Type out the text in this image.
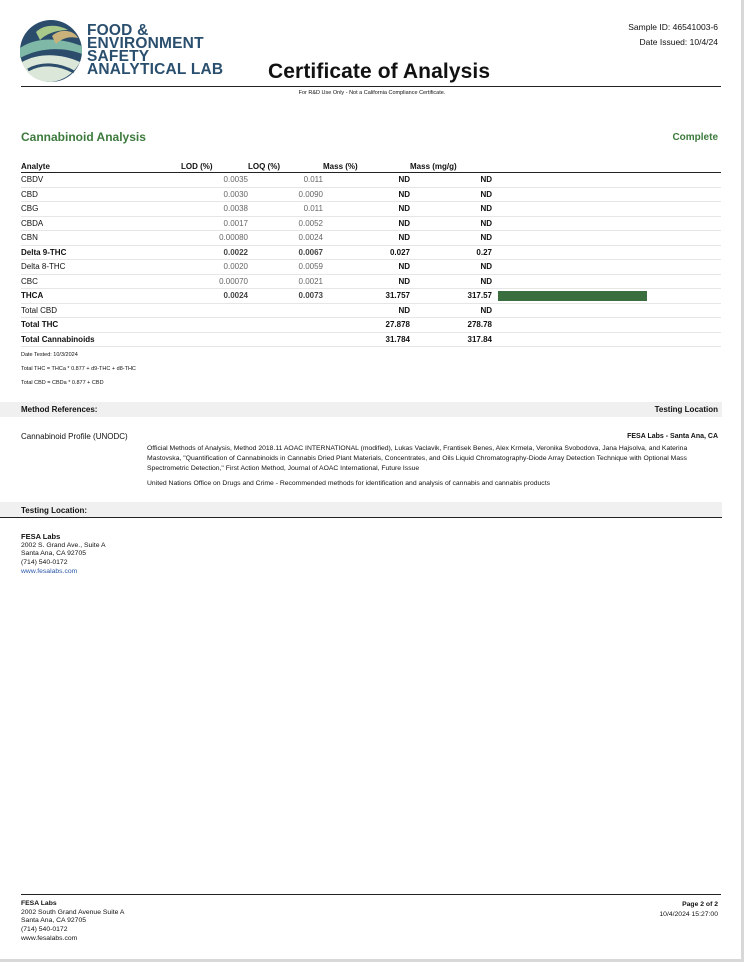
FOOD &
ENVIRONMENT
SAFETY
ANALYTICAL LAB
Sample ID: 46541003-6
Date Issued: 10/4/24
Certificate of Analysis
For R&D Use Only - Not a California Compliance Certificate.
Cannabinoid Analysis	Complete
Analyte	LOD (%)	LOQ (%)	Mass (%)	Mass (mg/g)	
CBDV	0.0035	0.011	ND	ND	
CBD	0.0030	0.0090	ND	ND	
CBG	0.0038	0.011	ND	ND	
CBDA	0.0017	0.0052	ND	ND	
CBN	0.00080	0.0024	ND	ND	
Delta 9-THC	0.0022	0.0067	0.027	0.27	
Delta 8-THC	0.0020	0.0059	ND	ND	
CBC	0.00070	0.0021	ND	ND	
THCA	0.0024	0.0073	31.757	317.57	

Total CBD			ND	ND	
Total THC			27.878	278.78	
Total Cannabinoids			31.784	317.84	
Date Tested: 10/3/2024
Total THC = THCa * 0.877 + d9-THC + d8-THC
Total CBD = CBDa * 0.877 + CBD
Method References:	Testing Location
Cannabinoid Profile (UNODC)	FESA Labs - Santa Ana, CA
Official Methods of Analysis, Method 2018.11 AOAC INTERNATIONAL (modified), Lukas Vaclavik, Frantisek Benes, Alex Krmela, Veronika Svobodova, Jana Hajsolva, and Katerina Mastovska, "Quantification of Cannabinoids in Cannabis Dried Plant Materials, Concentrates, and Oils Liquid Chromatography-Diode Array Detection Technique with Optional Mass Spectrometric Detection," First Action Method, Journal of AOAC International, Future Issue
United Nations Office on Drugs and Crime - Recommended methods for identification and analysis of cannabis and cannabis products
Testing Location:
FESA Labs
2002 S. Grand Ave., Suite A
Santa Ana, CA 92705
(714) 540-0172
www.fesalabs.com
FESA Labs
2002 South Grand Avenue Suite A
Santa Ana, CA 92705
(714) 540-0172
www.fesalabs.com
Page 2 of 2
10/4/2024 15:27:00
